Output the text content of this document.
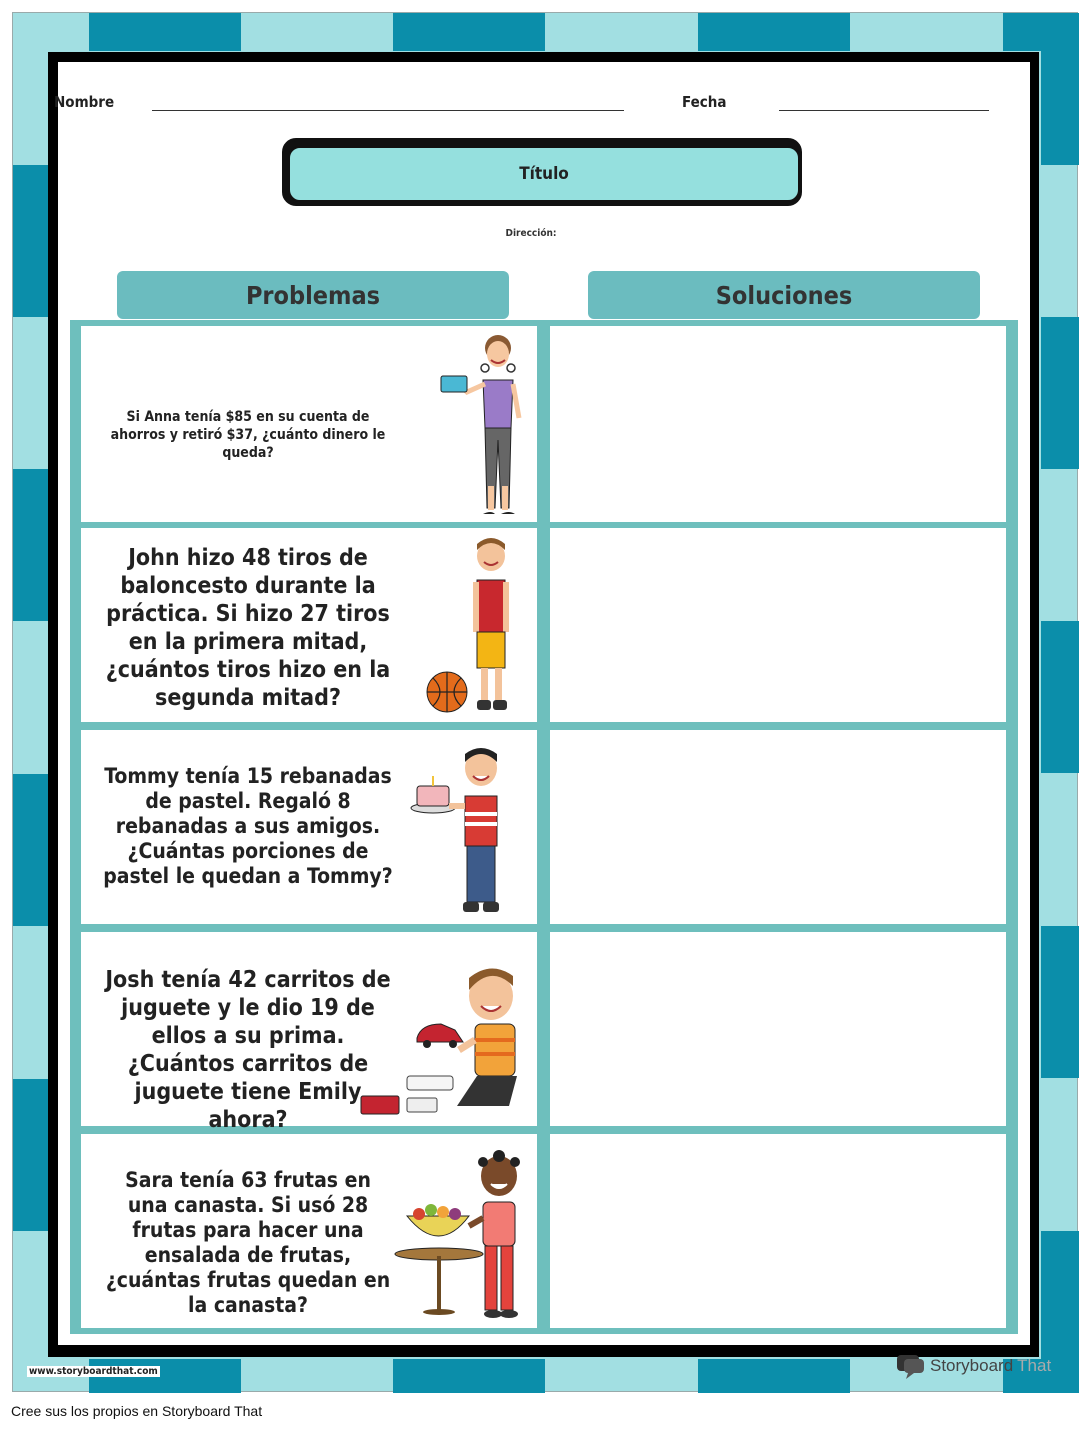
Nombre	Fecha
Título
Dirección:
Problemas	Soluciones
Si Anna tenía $85 en su cuenta de ahorros y retiró $37, ¿cuánto dinero le queda?
John hizo 48 tiros de baloncesto durante la práctica. Si hizo 27 tiros en la primera mitad, ¿cuántos tiros hizo en la segunda mitad?
Tommy tenía 15 rebanadas de pastel. Regaló 8 rebanadas a sus amigos. ¿Cuántas porciones de pastel le quedan a Tommy?
Josh tenía 42 carritos de juguete y le dio 19 de ellos a su prima. ¿Cuántos carritos de juguete tiene Emily ahora?
Sara tenía 63 frutas en una canasta. Si usó 28 frutas para hacer una ensalada de frutas, ¿cuántas frutas quedan en la canasta?
www.storyboardthat.com	Storyboard That
Cree sus los propios en Storyboard That
